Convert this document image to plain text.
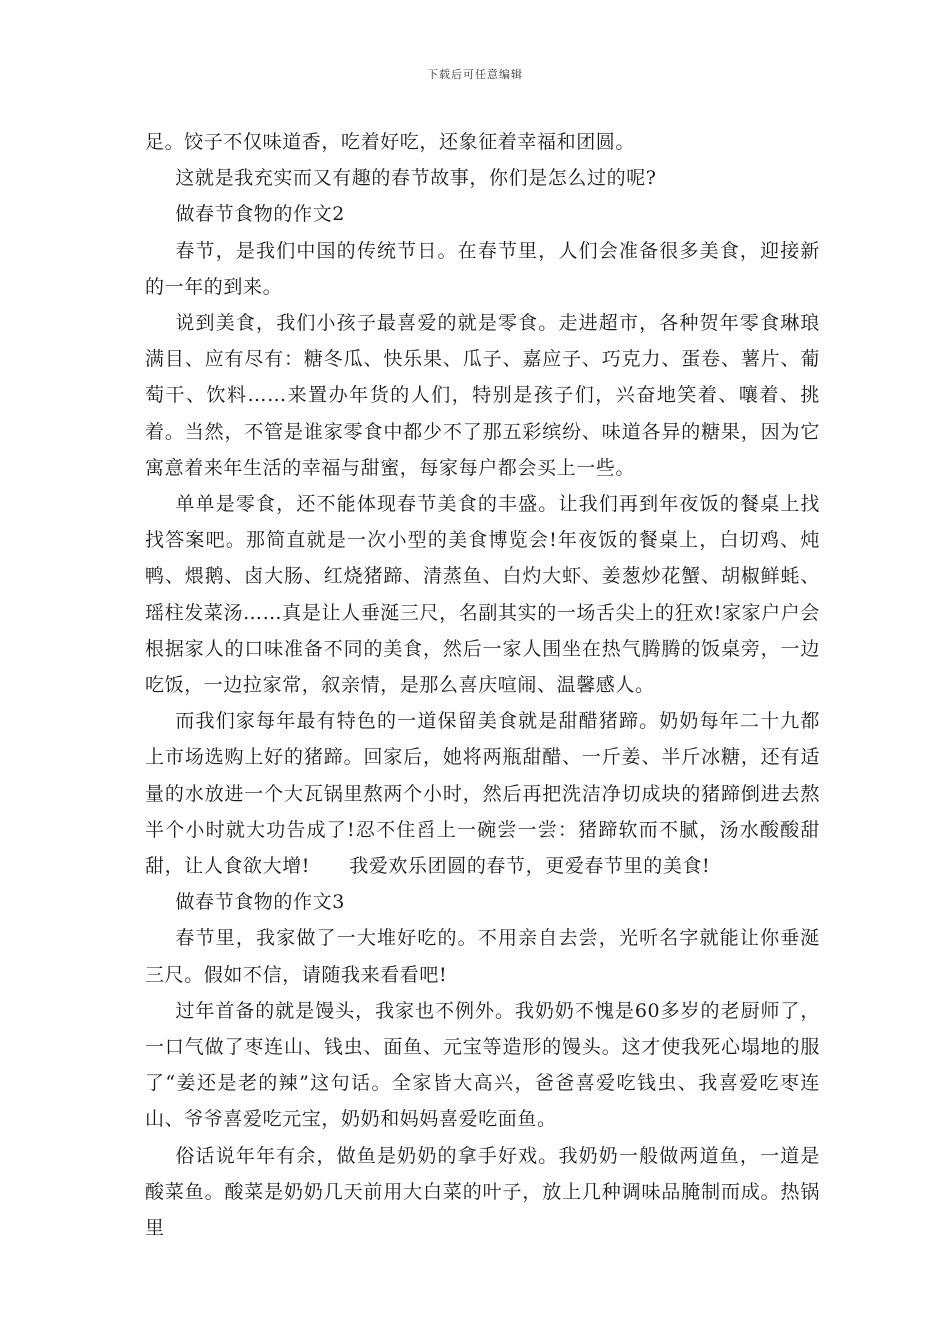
下载后可任意编辑

足。饺子不仅味道香，吃着好吃，还象征着幸福和团圆。

这就是我充实而又有趣的春节故事，你们是怎么过的呢?

做春节食物的作文2

春节，是我们中国的传统节日。在春节里，人们会准备很多美食，迎接新的一年的到来。

说到美食，我们小孩子最喜爱的就是零食。走进超市，各种贺年零食琳琅满目、应有尽有：糖冬瓜、快乐果、瓜子、嘉应子、巧克力、蛋卷、薯片、葡萄干、饮料……来置办年货的人们，特别是孩子们，兴奋地笑着、嚷着、挑着。当然，不管是谁家零食中都少不了那五彩缤纷、味道各异的糖果，因为它寓意着来年生活的幸福与甜蜜，每家每户都会买上一些。

单单是零食，还不能体现春节美食的丰盛。让我们再到年夜饭的餐桌上找找答案吧。那简直就是一次小型的美食博览会!年夜饭的餐桌上，白切鸡、炖鸭、煨鹅、卤大肠、红烧猪蹄、清蒸鱼、白灼大虾、姜葱炒花蟹、胡椒鲜蚝、瑶柱发菜汤……真是让人垂涎三尺，名副其实的一场舌尖上的狂欢!家家户户会根据家人的口味准备不同的美食，然后一家人围坐在热气腾腾的饭桌旁，一边吃饭，一边拉家常，叙亲情，是那么喜庆喧闹、温馨感人。

而我们家每年最有特色的一道保留美食就是甜醋猪蹄。奶奶每年二十九都上市场选购上好的猪蹄。回家后，她将两瓶甜醋、一斤姜、半斤冰糖，还有适量的水放进一个大瓦锅里熬两个小时，然后再把洗洁净切成块的猪蹄倒进去熬半个小时就大功告成了!忍不住舀上一碗尝一尝：猪蹄软而不腻，汤水酸酸甜甜，让人食欲大增!　　我爱欢乐团圆的春节，更爱春节里的美食!

做春节食物的作文3

春节里，我家做了一大堆好吃的。不用亲自去尝，光听名字就能让你垂涎三尺。假如不信，请随我来看看吧!

过年首备的就是馒头，我家也不例外。我奶奶不愧是60多岁的老厨师了，一口气做了枣连山、钱虫、面鱼、元宝等造形的馒头。这才使我死心塌地的服了“姜还是老的辣”这句话。全家皆大高兴，爸爸喜爱吃钱虫、我喜爱吃枣连山、爷爷喜爱吃元宝，奶奶和妈妈喜爱吃面鱼。

俗话说年年有余，做鱼是奶奶的拿手好戏。我奶奶一般做两道鱼，一道是酸菜鱼。酸菜是奶奶几天前用大白菜的叶子，放上几种调味品腌制而成。热锅里
